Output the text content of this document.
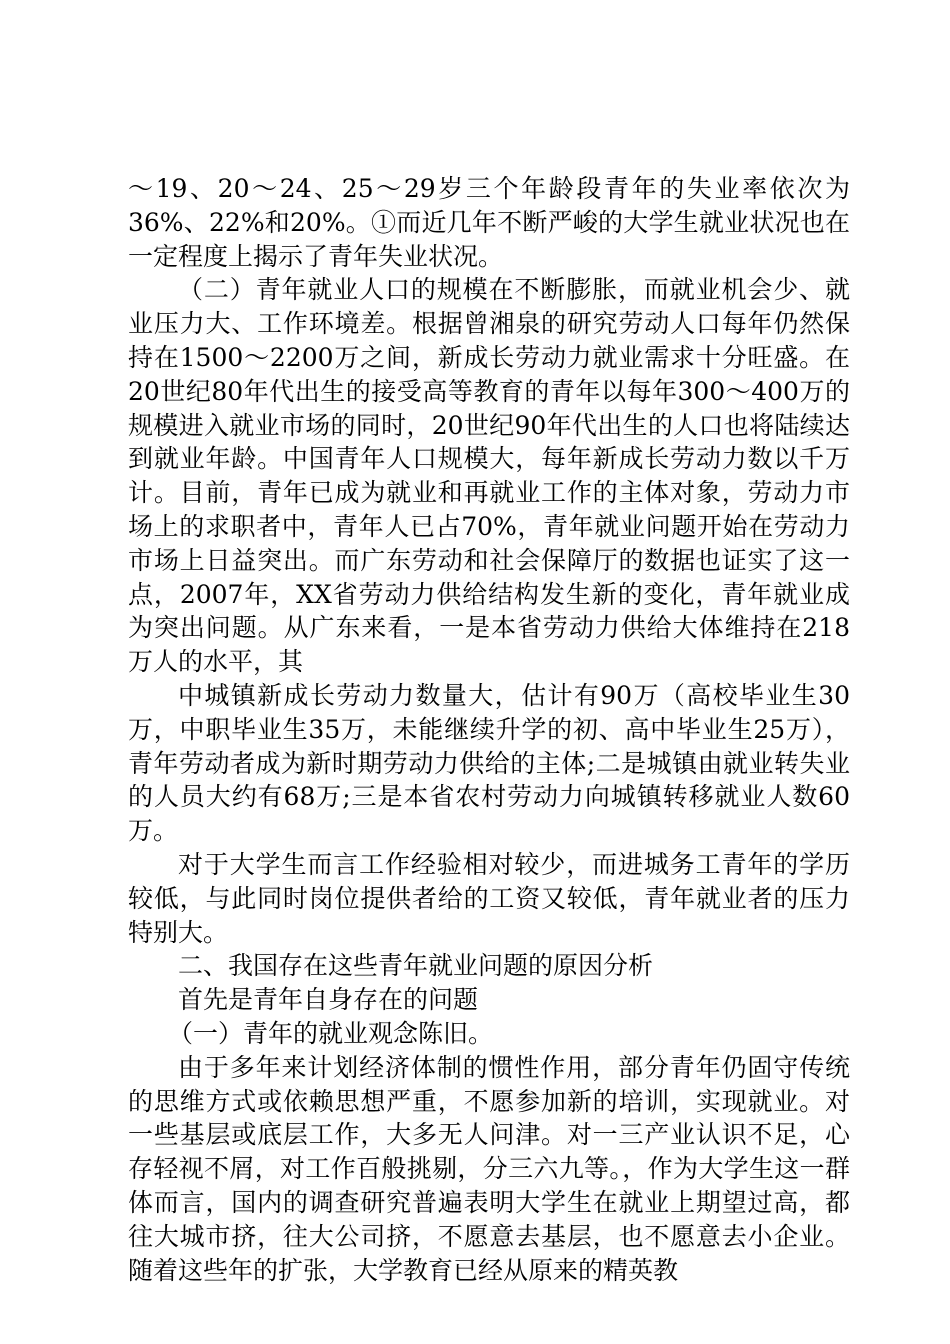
～19、20～24、25～29岁三个年龄段青年的失业率依次为36%、22%和20%。①而近几年不断严峻的大学生就业状况也在一定程度上揭示了青年失业状况。

（二）青年就业人口的规模在不断膨胀，而就业机会少、就业压力大、工作环境差。根据曾湘泉的研究劳动人口每年仍然保持在1500～2200万之间，新成长劳动力就业需求十分旺盛。在20世纪80年代出生的接受高等教育的青年以每年300～400万的规模进入就业市场的同时，20世纪90年代出生的人口也将陆续达到就业年龄。中国青年人口规模大，每年新成长劳动力数以千万计。目前，青年已成为就业和再就业工作的主体对象，劳动力市场上的求职者中，青年人已占70%，青年就业问题开始在劳动力市场上日益突出。而广东劳动和社会保障厅的数据也证实了这一点，2007年，XX省劳动力供给结构发生新的变化，青年就业成为突出问题。从广东来看，一是本省劳动力供给大体维持在218万人的水平，其

中城镇新成长劳动力数量大，估计有90万（高校毕业生30万，中职毕业生35万，未能继续升学的初、高中毕业生25万），青年劳动者成为新时期劳动力供给的主体;二是城镇由就业转失业的人员大约有68万;三是本省农村劳动力向城镇转移就业人数60万。

对于大学生而言工作经验相对较少，而进城务工青年的学历较低，与此同时岗位提供者给的工资又较低，青年就业者的压力特别大。

二、我国存在这些青年就业问题的原因分析

首先是青年自身存在的问题

（一）青年的就业观念陈旧。

由于多年来计划经济体制的惯性作用，部分青年仍固守传统的思维方式或依赖思想严重，不愿参加新的培训，实现就业。对一些基层或底层工作，大多无人问津。对一三产业认识不足，心存轻视不屑，对工作百般挑剔，分三六九等。，作为大学生这一群体而言，国内的调查研究普遍表明大学生在就业上期望过高，都往大城市挤，往大公司挤，不愿意去基层，也不愿意去小企业。随着这些年的扩张，大学教育已经从原来的精英教
